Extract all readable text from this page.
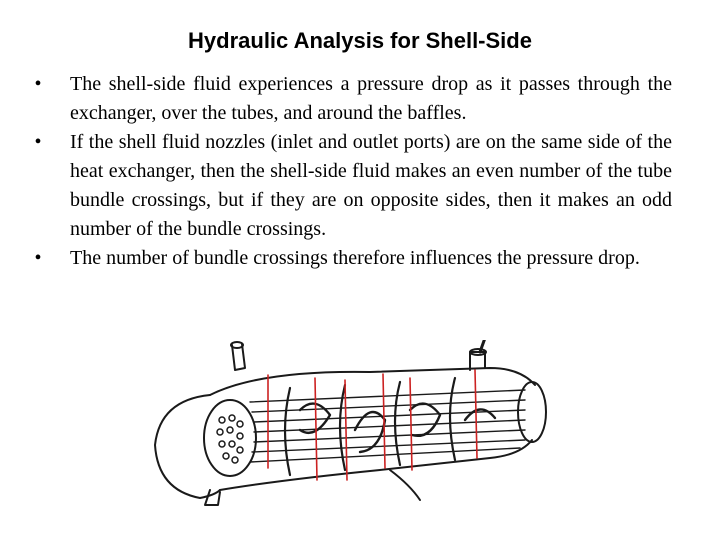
Hydraulic Analysis for Shell-Side
•	The shell-side fluid experiences a pressure drop as it passes through the exchanger, over the tubes, and around the baffles.
•	If the shell fluid nozzles (inlet and outlet ports) are on the same side of the heat exchanger, then the shell-side fluid makes an even number of the tube bundle crossings, but if they are on opposite sides, then it makes an odd number of the bundle crossings.
•	The number of bundle crossings therefore influences the pressure drop.
